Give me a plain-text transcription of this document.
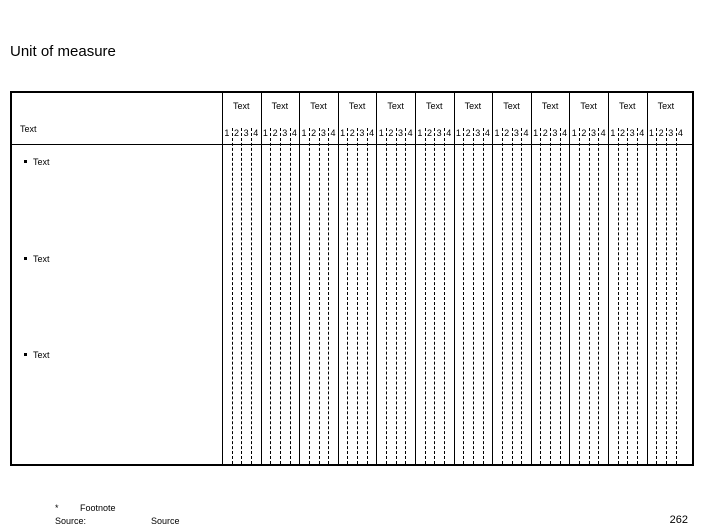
Unit of measure
Text
Text
Text
Text
Text
1 2 3 4
Text
1 2 3 4
Text
1 2 3 4
Text
1 2 3 4
Text
1 2 3 4
Text
1 2 3 4
Text
1 2 3 4
Text
1 2 3 4
Text
1 2 3 4
Text
1 2 3 4
Text
1 2 3 4
Text
1 2 3 4
* Footnote
Source:	Source	262
